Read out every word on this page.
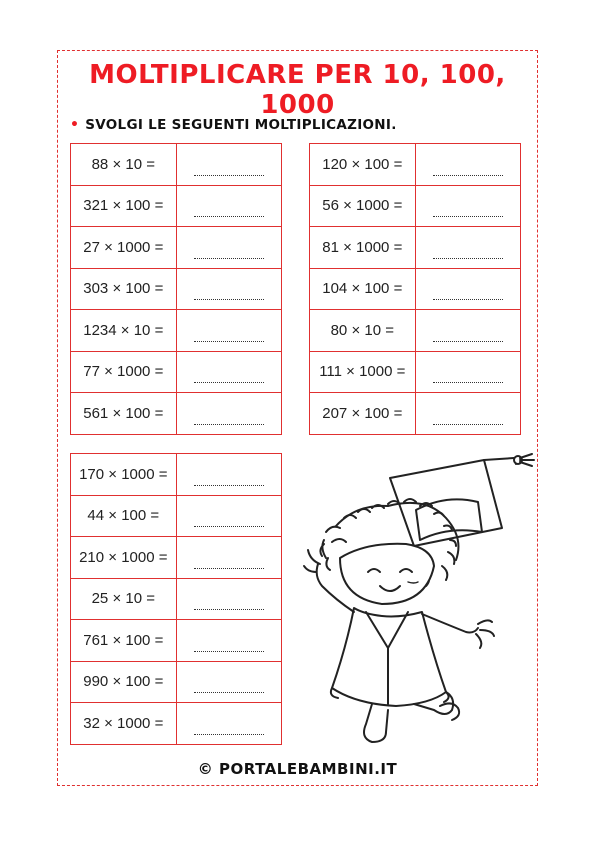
MOLTIPLICARE PER 10, 100, 1000
• SVOLGI LE SEGUENTI MOLTIPLICAZIONI.
88 × 10 =	

321 × 100 =	

27 × 1000 =	

303 × 100 =	

1234 × 10 =	

77 × 1000 =	

561 × 100 =	
120 × 100 =	

56 × 1000 =	

81 × 1000 =	

104 × 100 =	

80 × 10 =	

111 × 1000 =	

207 × 100 =	
170 × 1000 =	

44 × 100 =	

210 × 1000 =	

25 × 10 =	

761 × 100 =	

990 × 100 =	

32 × 1000 =	
© PORTALEBAMBINI.IT
